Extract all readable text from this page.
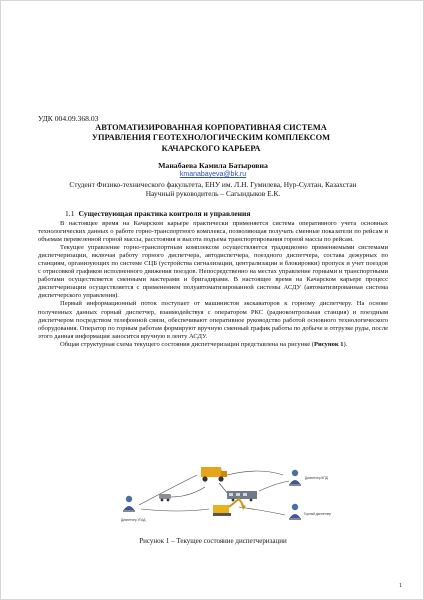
УДК 004.09.368.03
АВТОМАТИЗИРОВАННАЯ КОРПОРАТИВНАЯ СИСТЕМА
УПРАВЛЕНИЯ ГЕОТЕХНОЛОГИЧЕСКИМ КОМПЛЕКСОМ
КАЧАРСКОГО КАРЬЕРА
Манабаева Камила Батыровна
kmanabayeva@bk.ru
Студент Физико-технического факультета, ЕНУ им. Л.Н. Гумилева, Нур-Султан, Казахстан
Научный руководитель – Сагындыков Е.К.
1.1 Существующая практика контроля и управления

В настоящее время на Качарском карьере практически применяется система оперативного учета основных технологических данных о работе горно-транспортного комплекса, позволяющая получать сменные показатели по рейсам и объемам перевезенной горной массы, расстояния и высота подъема транспортирования горной массы по рейсам.

Текущее управление горно-транспортным комплексом осуществляется традиционно применяемыми системами диспетчеризации, включая работу горного диспетчера, автодиспетчера, поездного диспетчера, состава дежурных по станциям, организующих по системе СЦБ (устройства сигнализации, централизации и блокировки) пропуск и учет поездов с отрисовкой графиков исполненного движения поездов. Непосредственно на местах управление горными и транспортными работами осуществляется сменными мастерами и бригадирами. В настоящее время на Качарском карьере процесс диспетчеризации осуществляется с применением полуавтоматизированной системы АСДУ (автоматизированная система диспетчерского управления).

Первый информационный поток поступает от машинистов экскаваторов к горному диспетчеру. На основе полученных данных горный диспетчер, взаимодействуя с оператором РКС (радиоконтрольная станция) и поездным диспетчером посредством телефонной связи, обеспечивают оперативное руководство работой основного технологического оборудования. Оператор по горным работам формируют вручную сменный график работы по добыче и отгрузке руды, после этого данная информация заносится вручную в ленту АСДУ.

Общая структурная схема текущего состояния диспетчеризации представлена на рисунке (Рисунок 1).

Диспетчер УГАД
Диспетчер КПД
Горный диспетчер
Рисунок 1 – Текущее состояние диспетчеризации
1
